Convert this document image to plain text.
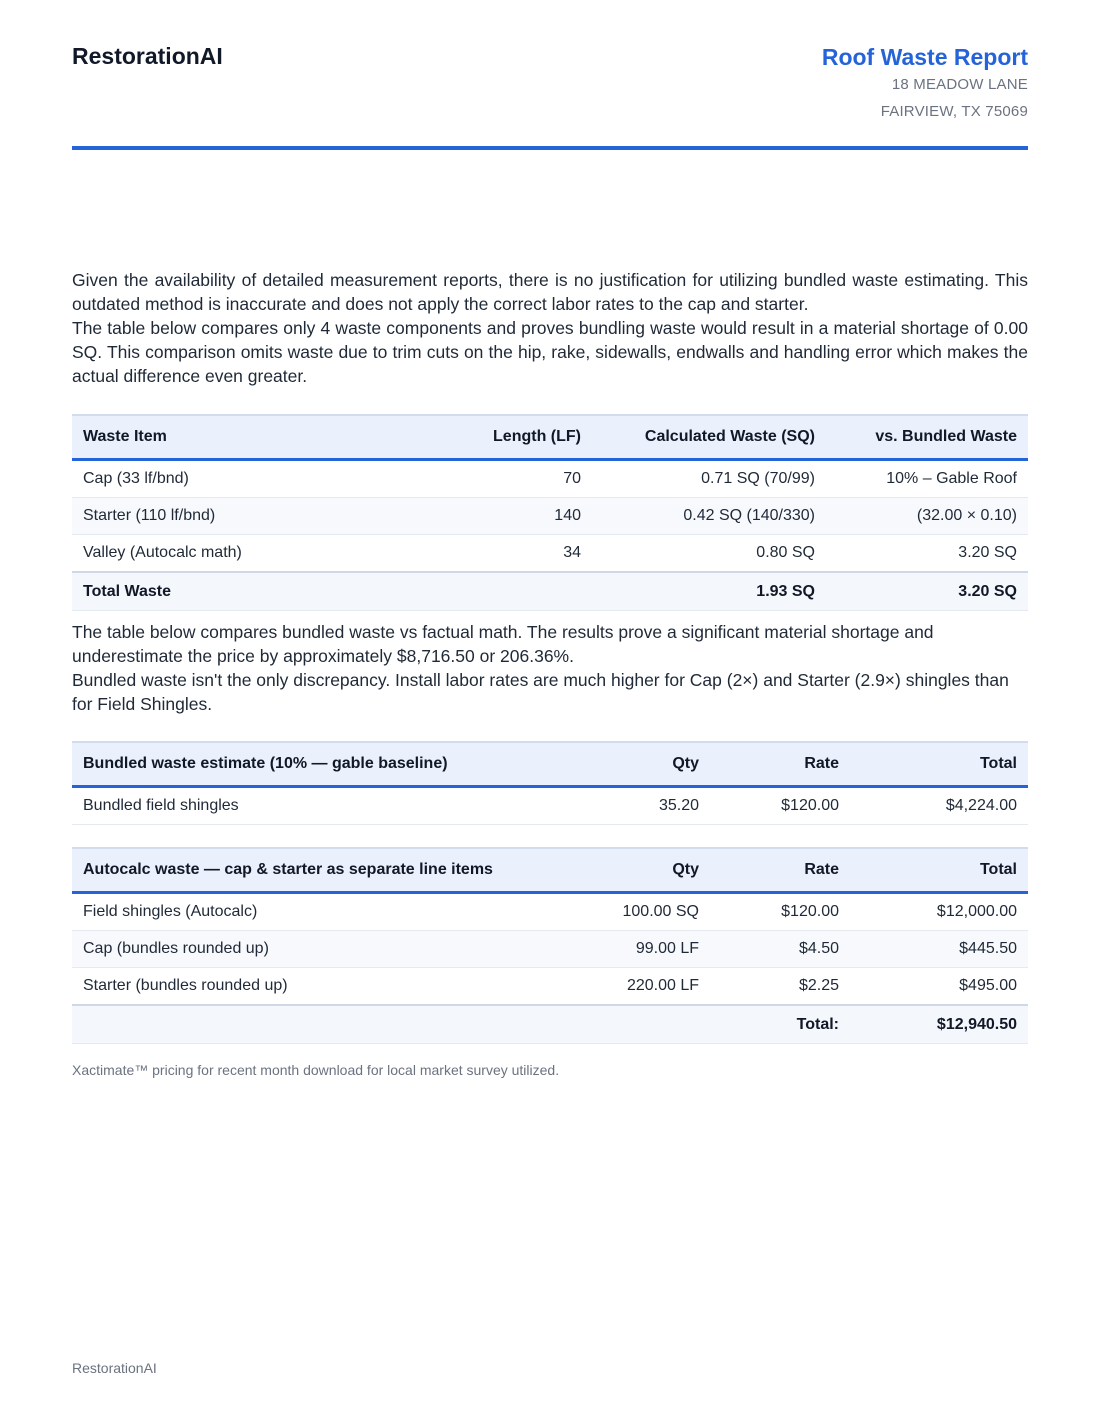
RestorationAI	Roof Waste Report
18 MEADOW LANE
FAIRVIEW, TX 75069

Given the availability of detailed measurement reports, there is no justification for utilizing bundled waste estimating. This outdated method is inaccurate and does not apply the correct labor rates to the cap and starter.

The table below compares only 4 waste components and proves bundling waste would result in a material shortage of 0.00 SQ. This comparison omits waste due to trim cuts on the hip, rake, sidewalls, endwalls and handling error which makes the actual difference even greater.

Waste Item	Length (LF)	Calculated Waste (SQ)	vs. Bundled Waste
Cap (33 lf/bnd)	70	0.71 SQ (70/99)	10% – Gable Roof
Starter (110 lf/bnd)	140	0.42 SQ (140/330)	(32.00 × 0.10)
Valley (Autocalc math)	34	0.80 SQ	3.20 SQ
Total Waste		1.93 SQ	3.20 SQ

The table below compares bundled waste vs factual math. The results prove a significant material shortage and underestimate the price by approximately $8,716.50 or 206.36%.

Bundled waste isn't the only discrepancy. Install labor rates are much higher for Cap (2×) and Starter (2.9×) shingles than for Field Shingles.

Bundled waste estimate (10% — gable baseline)	Qty	Rate	Total
Bundled field shingles	35.20	$120.00	$4,224.00
Autocalc waste — cap & starter as separate line items	Qty	Rate	Total
Field shingles (Autocalc)	100.00 SQ	$120.00	$12,000.00
Cap (bundles rounded up)	99.00 LF	$4.50	$445.50
Starter (bundles rounded up)	220.00 LF	$2.25	$495.00
		Total:	$12,940.50
Xactimate™ pricing for recent month download for local market survey utilized.
RestorationAI
